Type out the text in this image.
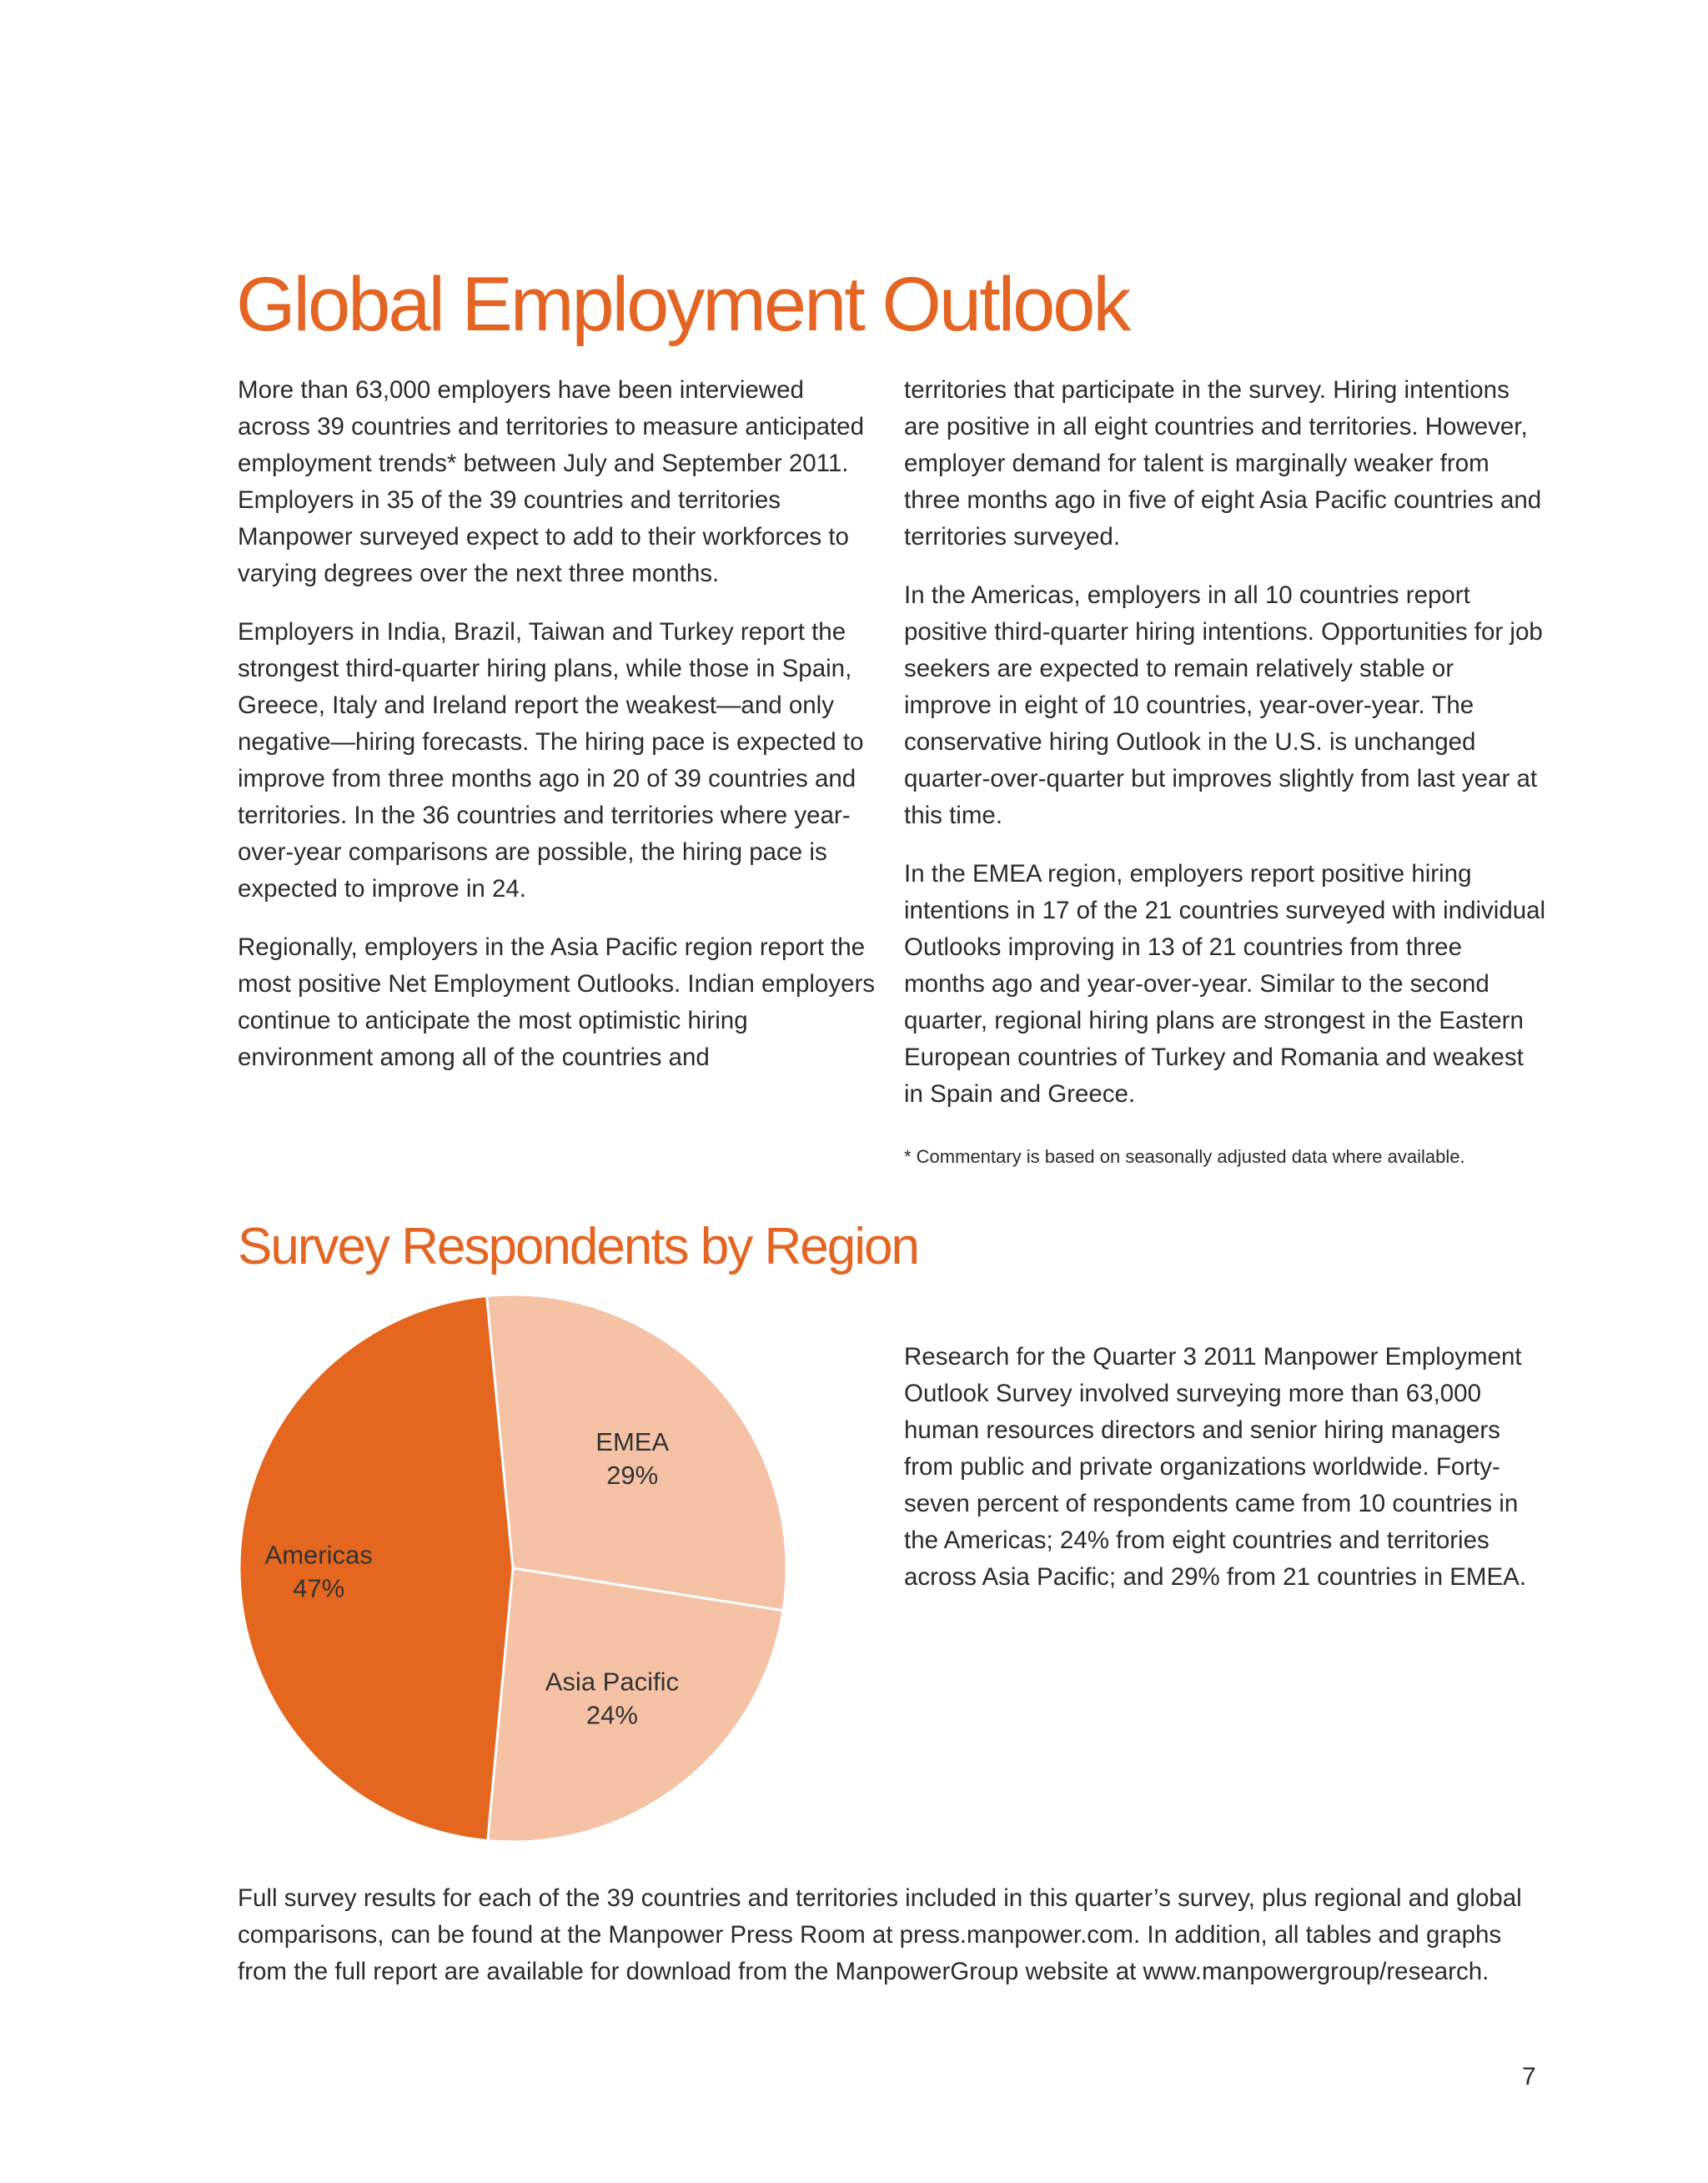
Global Employment Outlook

More than 63,000 employers have been interviewed across 39 countries and territories to measure anticipated employment trends* between July and September 2011. Employers in 35 of the 39 countries and territories Manpower surveyed expect to add to their workforces to varying degrees over the next three months.

Employers in India, Brazil, Taiwan and Turkey report the strongest third-quarter hiring plans, while those in Spain, Greece, Italy and Ireland report the weakest—and only negative—hiring forecasts. The hiring pace is expected to improve from three months ago in 20 of 39 countries and territories. In the 36 countries and territories where year-over-year comparisons are possible, the hiring pace is expected to improve in 24.

Regionally, employers in the Asia Pacific region report the most positive Net Employment Outlooks. Indian employers continue to anticipate the most optimistic hiring environment among all of the countries and

territories that participate in the survey. Hiring intentions are positive in all eight countries and territories. However, employer demand for talent is marginally weaker from three months ago in five of eight Asia Pacific countries and territories surveyed.

In the Americas, employers in all 10 countries report positive third-quarter hiring intentions. Opportunities for job seekers are expected to remain relatively stable or improve in eight of 10 countries, year-over-year. The conservative hiring Outlook in the U.S. is unchanged quarter-over-quarter but improves slightly from last year at this time.

In the EMEA region, employers report positive hiring intentions in 17 of the 21 countries surveyed with individual Outlooks improving in 13 of 21 countries from three months ago and year-over-year. Similar to the second quarter, regional hiring plans are strongest in the Eastern European countries of Turkey and Romania and weakest in Spain and Greece.

* Commentary is based on seasonally adjusted data where available.
Survey Respondents by Region
EMEA
29%
Asia Pacific
24%
Americas
47%

Research for the Quarter 3 2011 Manpower Employment Outlook Survey involved surveying more than 63,000 human resources directors and senior hiring managers from public and private organizations worldwide. Forty-seven percent of respondents came from 10 countries in the Americas; 24% from eight countries and territories across Asia Pacific; and 29% from 21 countries in EMEA.

Full survey results for each of the 39 countries and territories included in this quarter’s survey, plus regional and global comparisons, can be found at the Manpower Press Room at press.manpower.com. In addition, all tables and graphs from the full report are available for download from the ManpowerGroup website at www.manpowergroup/research.

7
